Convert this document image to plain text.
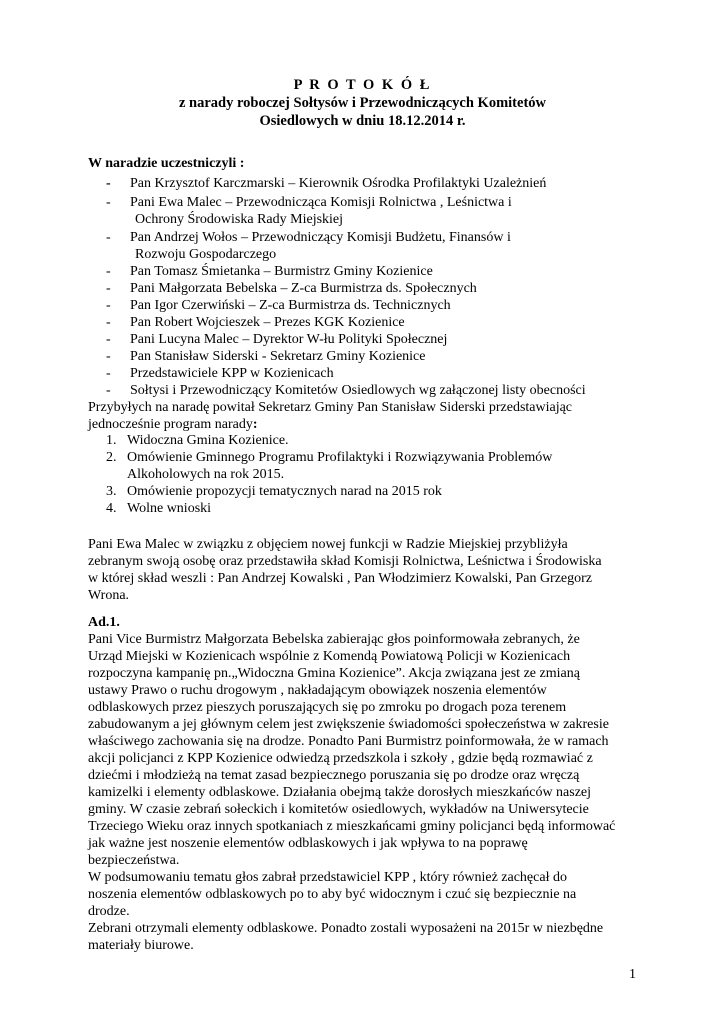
P R O T O K Ó Ł
z narady roboczej Sołtysów i Przewodniczących Komitetów
Osiedlowych w dniu 18.12.2014 r.
W naradzie uczestniczyli :
- Pan Krzysztof Karczmarski – Kierownik Ośrodka Profilaktyki Uzależnień
- Pani Ewa Malec – Przewodnicząca Komisji Rolnictwa , Leśnictwa i
Ochrony Środowiska Rady Miejskiej
- Pan Andrzej Wołos – Przewodniczący Komisji Budżetu, Finansów i
Rozwoju Gospodarczego
- Pan Tomasz Śmietanka – Burmistrz Gminy Kozienice
- Pani Małgorzata Bebelska – Z-ca Burmistrza ds. Społecznych
- Pan Igor Czerwiński – Z-ca Burmistrza ds. Technicznych
- Pan Robert Wojcieszek – Prezes KGK Kozienice
- Pani Lucyna Malec – Dyrektor W-łu Polityki Społecznej
- Pan Stanisław Siderski - Sekretarz Gminy Kozienice
- Przedstawiciele KPP w Kozienicach
- Sołtysi i Przewodniczący Komitetów Osiedlowych wg załączonej listy obecności
Przybyłych na naradę powitał Sekretarz Gminy Pan Stanisław Siderski przedstawiając
jednocześnie program narady:
1. Widoczna Gmina Kozienice.
2. Omówienie Gminnego Programu Profilaktyki i Rozwiązywania Problemów
Alkoholowych na rok 2015.
3. Omówienie propozycji tematycznych narad na 2015 rok
4. Wolne wnioski
Pani Ewa Malec w związku z objęciem nowej funkcji w Radzie Miejskiej przybliżyła
zebranym swoją osobę oraz przedstawiła skład Komisji Rolnictwa, Leśnictwa i Środowiska
w której skład weszli : Pan Andrzej Kowalski , Pan Włodzimierz Kowalski, Pan Grzegorz
Wrona.
Ad.1.
Pani Vice Burmistrz Małgorzata Bebelska zabierając głos poinformowała zebranych, że
Urząd Miejski w Kozienicach wspólnie z Komendą Powiatową Policji w Kozienicach
rozpoczyna kampanię pn.„Widoczna Gmina Kozienice”. Akcja związana jest ze zmianą
ustawy Prawo o ruchu drogowym , nakładającym obowiązek noszenia elementów
odblaskowych przez pieszych poruszających się po zmroku po drogach poza terenem
zabudowanym a jej głównym celem jest zwiększenie świadomości społeczeństwa w zakresie
właściwego zachowania się na drodze. Ponadto Pani Burmistrz poinformowała, że w ramach
akcji policjanci z KPP Kozienice odwiedzą przedszkola i szkoły , gdzie będą rozmawiać z
dziećmi i młodzieżą na temat zasad bezpiecznego poruszania się po drodze oraz wręczą
kamizelki i elementy odblaskowe. Działania obejmą także dorosłych mieszkańców naszej
gminy. W czasie zebrań sołeckich i komitetów osiedlowych, wykładów na Uniwersytecie
Trzeciego Wieku oraz innych spotkaniach z mieszkańcami gminy policjanci będą informować
jak ważne jest noszenie elementów odblaskowych i jak wpływa to na poprawę
bezpieczeństwa.
W podsumowaniu tematu głos zabrał przedstawiciel KPP , który również zachęcał do
noszenia elementów odblaskowych po to aby być widocznym i czuć się bezpiecznie na
drodze.
Zebrani otrzymali elementy odblaskowe. Ponadto zostali wyposażeni na 2015r w niezbędne
materiały biurowe.
1
